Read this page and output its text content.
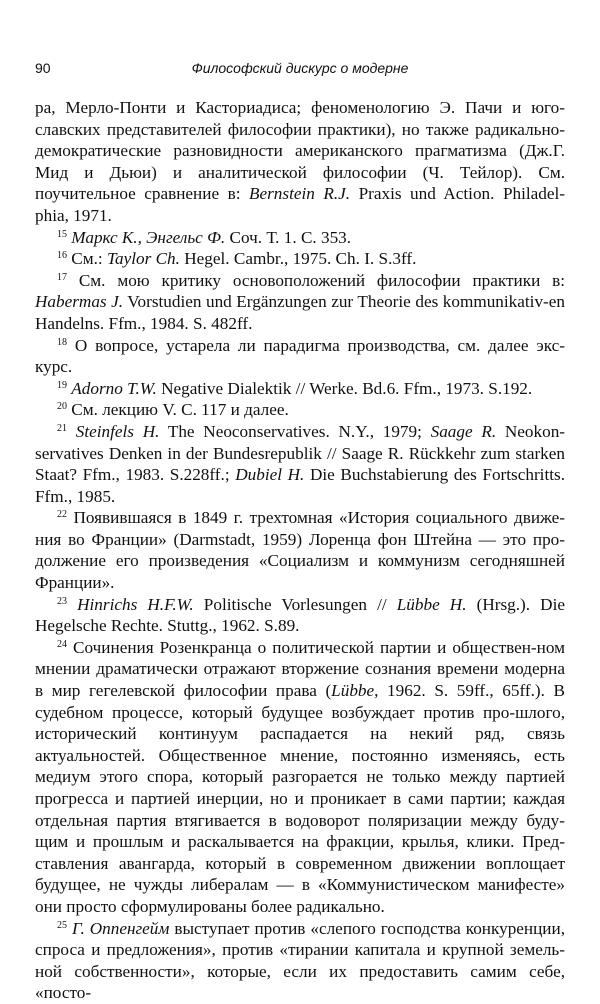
90	Философский дискурс о модерне

ра, Мерло-Понти и Касториадиса; феноменологию Э. Пачи и юго-славских представителей философии практики), но также радикально-демократические разновидности американского прагматизма (Дж.Г. Мид и Дьюи) и аналитической философии (Ч. Тейлор). См. поучительное сравнение в: Bernstein R.J. Praxis und Action. Philadel-phia, 1971.

$^{15}$ Маркс К., Энгельс Ф. Соч. Т. 1. С. 353.

$^{16}$ См.: Taylor Ch. Hegel. Cambr., 1975. Ch. I. S.3ff.

$^{17}$ См. мою критику основоположений философии практики в: Habermas J. Vorstudien und Ergänzungen zur Theorie des kommunikativ-en Handelns. Ffm., 1984. S. 482ff.

$^{18}$ О вопросе, устарела ли парадигма производства, см. далее экс-курс.

$^{19}$ Adorno T.W. Negative Dialektik // Werke. Bd.6. Ffm., 1973. S.192.

$^{20}$ См. лекцию V. С. 117 и далее.

$^{21}$ Steinfels H. The Neoconservatives. N.Y., 1979; Saage R. Neokon-servatives Denken in der Bundesrepublik // Saage R. Rückkehr zum starken Staat? Ffm., 1983. S.228ff.; Dubiel H. Die Buchstabierung des Fortschritts. Ffm., 1985.

$^{22}$ Появившаяся в 1849 г. трехтомная «История социального движе-ния во Франции» (Darmstadt, 1959) Лоренца фон Штейна — это про-должение его произведения «Социализм и коммунизм сегодняшней Франции».

$^{23}$ Hinrichs H.F.W. Politische Vorlesungen // Lübbe H. (Hrsg.). Die Hegelsche Rechte. Stuttg., 1962. S.89.

$^{24}$ Сочинения Розенкранца о политической партии и обществен-ном мнении драматически отражают вторжение сознания времени модерна в мир гегелевской философии права (Lübbe, 1962. S. 59ff., 65ff.). В судебном процессе, который будущее возбуждает против про-шлого, исторический континуум распадается на некий ряд, связь актуальностей. Общественное мнение, постоянно изменяясь, есть медиум этого спора, который разгорается не только между партией прогресса и партией инерции, но и проникает в сами партии; каждая отдельная партия втягивается в водоворот поляризации между буду-щим и прошлым и раскалывается на фракции, крылья, клики. Пред-ставления авангарда, который в современном движении воплощает будущее, не чужды либералам — в «Коммунистическом манифесте» они просто сформулированы более радикально.

$^{25}$ Г. Оппенгейм выступает против «слепого господства конкуренции, спроса и предложения», против «тирании капитала и крупной земель-ной собственности», которые, если их предоставить самим себе, «посто-
